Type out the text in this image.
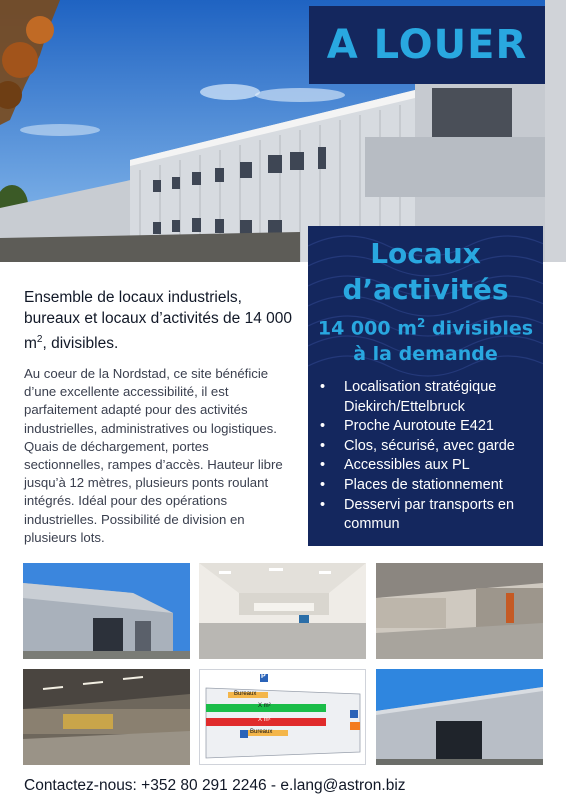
A LOUER
Locaux
d’activités
14 000 $m^2$ divisibles
à la demande
• Localisation stratégique Diekirch/Ettelbruck
• Proche Aurotoute E421
• Clos, sécurisé, avec garde
• Accessibles aux PL
• Places de stationnement
• Desservi par transports en commun
Ensemble de locaux industriels, bureaux et locaux d’activités de 14 000 $m^2$, divisibles.
Au coeur de la Nordstad, ce site bénéficie d’une excellente accessibilité, il est parfaitement adapté pour des activités industrielles, administratives ou logistiques. Quais de déchargement, portes sectionnelles, rampes d’accès. Hauteur libre jusqu’à 12 mètres, plusieurs ponts roulant intégrés. Idéal pour des opérations industrielles. Possibilité de division en plusieurs lots.
Bureaux
X m²
X m²
Bureaux
P
Contactez-nous: +352 80 291 2246 - e.lang@astron.biz
